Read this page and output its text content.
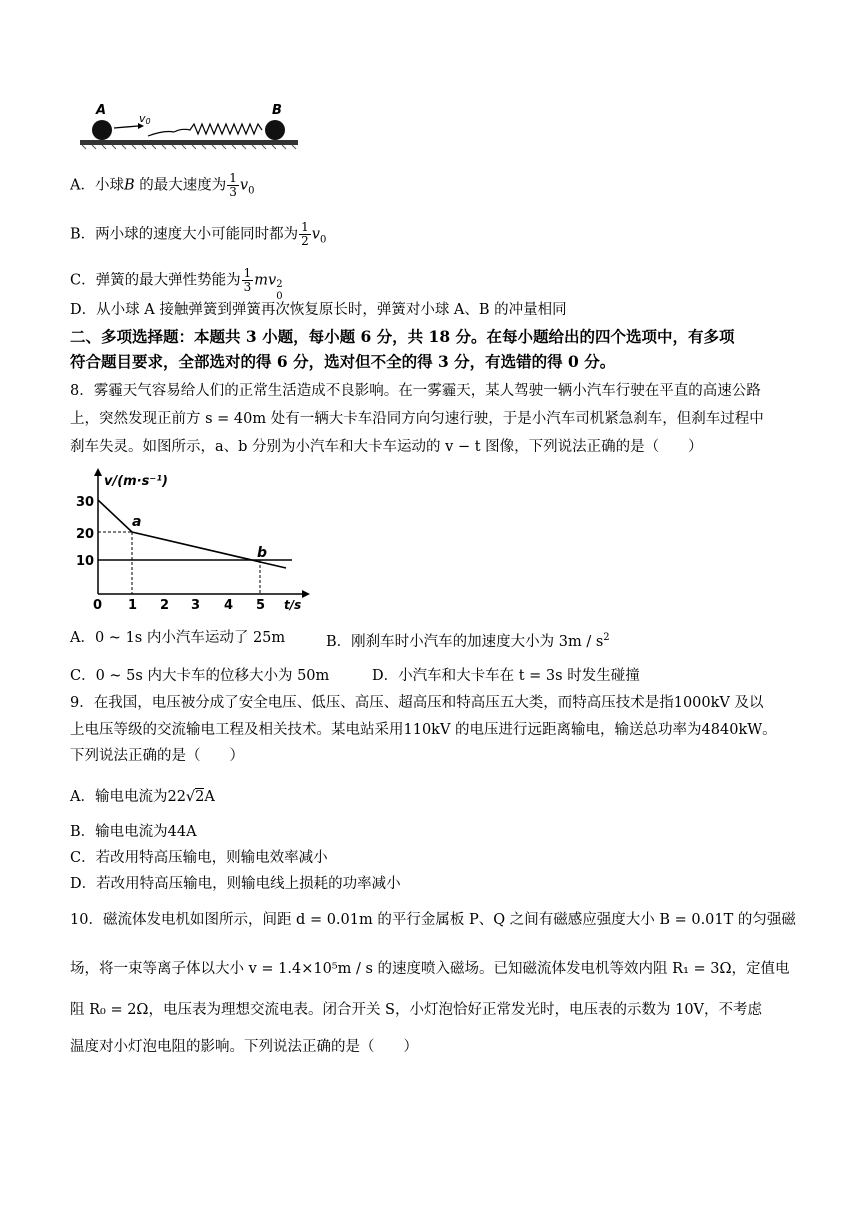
A
v0
B
A．小球B 的最大速度为 $\frac{1}{3} v_0$
B．两小球的速度大小可能同时都为 $\frac{1}{2} v_0$
C．弹簧的最大弹性势能为 $\frac{1}{3}$ mv 2
0
D．从小球 A 接触弹簧到弹簧再次恢复原长时，弹簧对小球 A、B 的冲量相同
二、多项选择题：本题共 3 小题，每小题 6 分，共 18 分。在每小题给出的四个选项中，有多项
符合题目要求，全部选对的得 6 分，选对但不全的得 3 分，有选错的得 0 分。
8．雾霾天气容易给人们的正常生活造成不良影响。在一雾霾天，某人驾驶一辆小汽车行驶在平直的高速公路
上，突然发现正前方 s = 40m 处有一辆大卡车沿同方向匀速行驶，于是小汽车司机紧急刹车，但刹车过程中
刹车失灵。如图所示，a、b 分别为小汽车和大卡车运动的 v − t 图像，下列说法正确的是（　　）
v/(m·s⁻¹)
t/s
30
20
10
0 1 2 3 4 5
a
b
A．0 ~ 1s 内小汽车运动了 25m	B．刚刹车时小汽车的加速度大小为 $3m / s^2$
C．0 ~ 5s 内大卡车的位移大小为 50m	D．小汽车和大卡车在 t = 3s 时发生碰撞
9．在我国，电压被分成了安全电压、低压、高压、超高压和特高压五大类，而特高压技术是指1000kV 及以
上电压等级的交流输电工程及相关技术。某电站采用110kV 的电压进行远距离输电，输送总功率为4840kW。
下列说法正确的是（　　）
A．输电电流为22√2A
B．输电电流为44A
C．若改用特高压输电，则输电效率减小
D．若改用特高压输电，则输电线上损耗的功率减小
10．磁流体发电机如图所示，间距 d = 0.01m 的平行金属板 P、Q 之间有磁感应强度大小 B = 0.01T 的匀强磁
场，将一束等离子体以大小 v = 1.4×10⁵m / s 的速度喷入磁场。已知磁流体发电机等效内阻 R₁ = 3Ω，定值电
阻 R₀ = 2Ω，电压表为理想交流电表。闭合开关 S，小灯泡恰好正常发光时，电压表的示数为 10V，不考虑
温度对小灯泡电阻的影响。下列说法正确的是（　　）
